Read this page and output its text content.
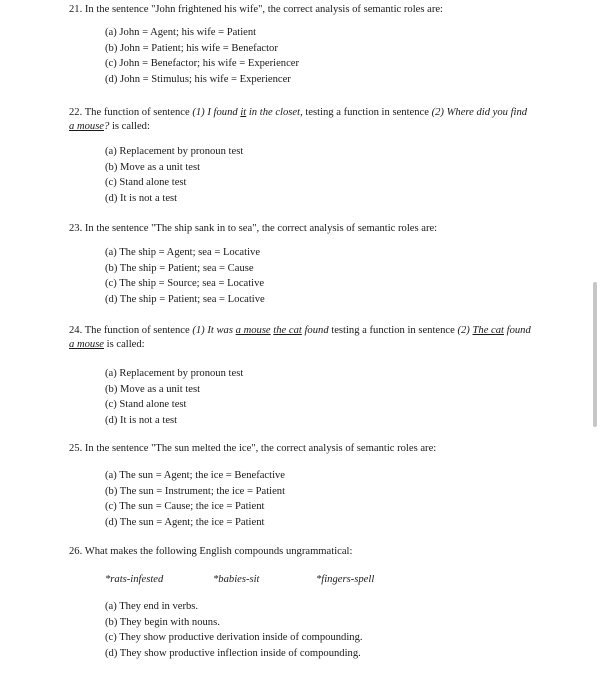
21. In the sentence "John frightened his wife", the correct analysis of semantic roles are:

(a) John = Agent; his wife = Patient
(b) John = Patient; his wife = Benefactor
(c) John = Benefactor; his wife = Experiencer
(d) John = Stimulus; his wife = Experiencer

22. The function of sentence (1) I found it in the closet, testing a function in sentence (2) Where did you find a mouse? is called:

(a) Replacement by pronoun test
(b) Move as a unit test
(c) Stand alone test
(d) It is not a test

23. In the sentence "The ship sank in to sea", the correct analysis of semantic roles are:

(a) The ship = Agent; sea = Locative
(b) The ship = Patient; sea = Cause
(c) The ship = Source; sea = Locative
(d) The ship = Patient; sea = Locative

24. The function of sentence (1) It was a mouse the cat found testing a function in sentence (2) The cat found a mouse is called:

(a) Replacement by pronoun test
(b) Move as a unit test
(c) Stand alone test
(d) It is not a test

25. In the sentence "The sun melted the ice", the correct analysis of semantic roles are:

(a) The sun = Agent; the ice = Benefactive
(b) The sun = Instrument; the ice = Patient
(c) The sun = Cause; the ice = Patient
(d) The sun = Agent; the ice = Patient

26. What makes the following English compounds ungrammatical:

*rats-infested	*babies-sit	*fingers-spell
(a) They end in verbs.
(b) They begin with nouns.
(c) They show productive derivation inside of compounding.
(d) They show productive inflection inside of compounding.
